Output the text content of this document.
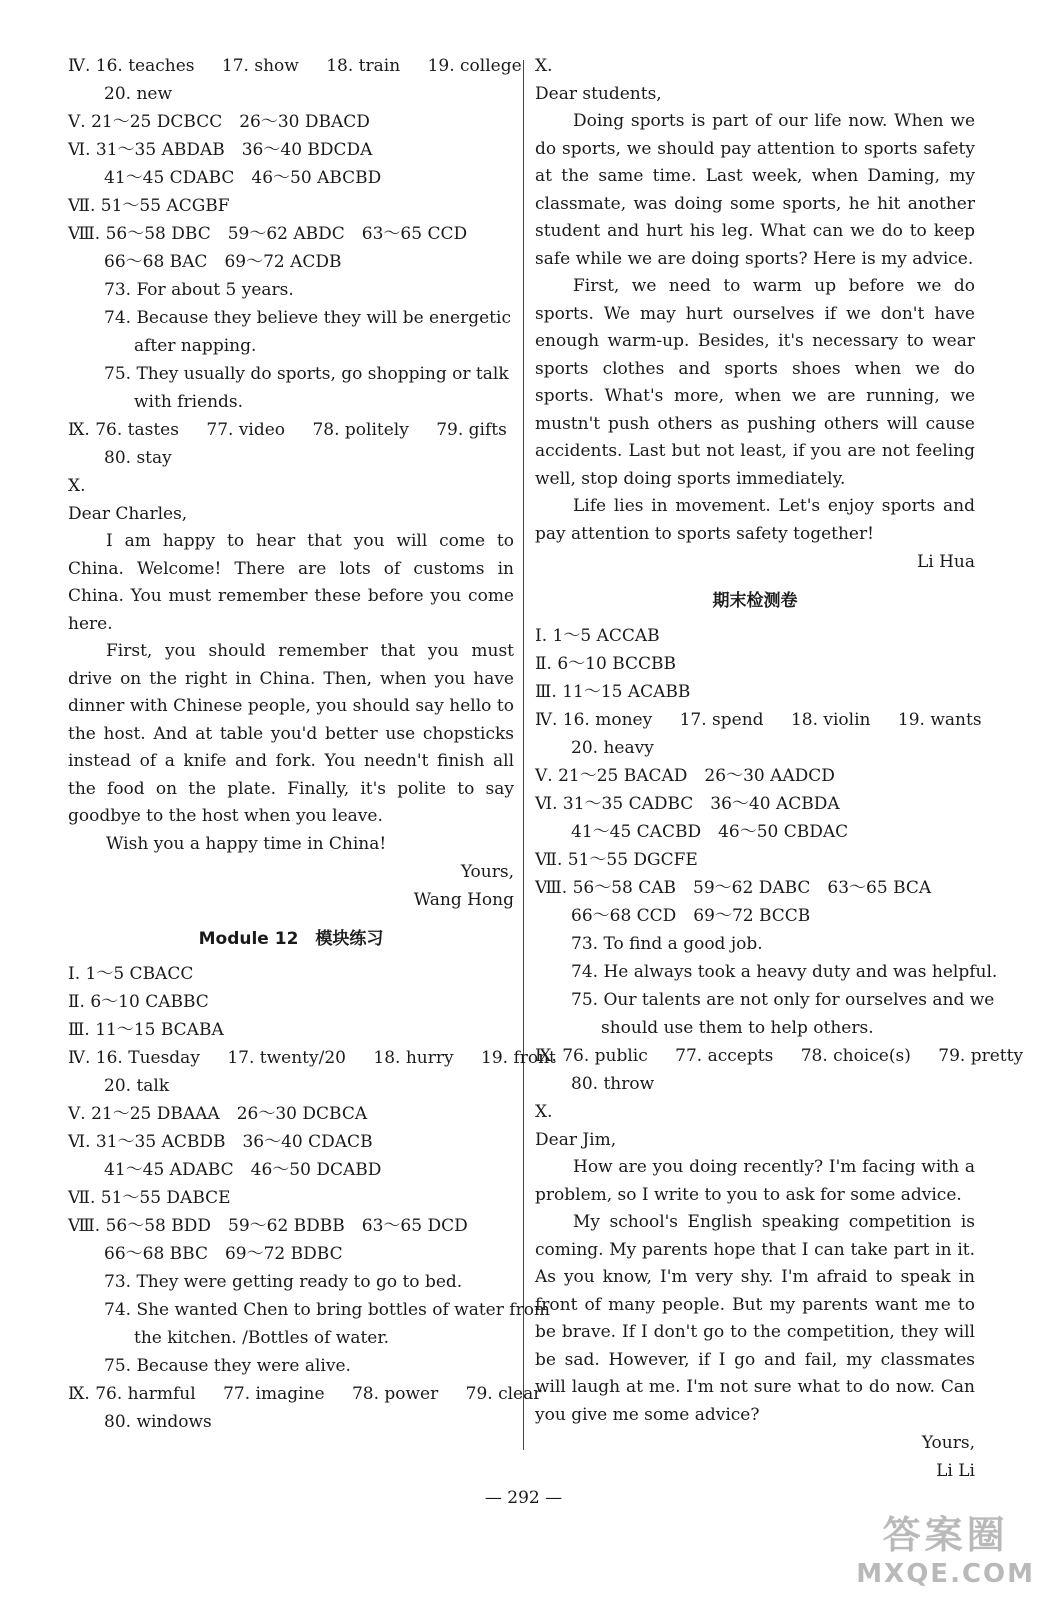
Ⅳ. 16. teaches 17. show 18. train 19. college
20. new
Ⅴ. 21～25 DCBCC　26～30 DBACD
Ⅵ. 31～35 ABDAB　36～40 BDCDA
41～45 CDABC　46～50 ABCBD
Ⅶ. 51～55 ACGBF
Ⅷ. 56～58 DBC　59～62 ABDC　63～65 CCD
66～68 BAC　69～72 ACDB
73. For about 5 years.
74. Because they believe they will be energetic
after napping.
75. They usually do sports, go shopping or talk
with friends.
Ⅸ. 76. tastes 77. video 78. politely 79. gifts
80. stay
Ⅹ.
Dear Charles,
I am happy to hear that you will come to China. Welcome! There are lots of customs in China. You must remember these before you come here.
First, you should remember that you must drive on the right in China. Then, when you have dinner with Chinese people, you should say hello to the host. And at table you'd better use chopsticks instead of a knife and fork. You needn't finish all the food on the plate. Finally, it's polite to say goodbye to the host when you leave.
Wish you a happy time in China!
Yours,
Wang Hong
Module 12　模块练习
Ⅰ. 1～5 CBACC
Ⅱ. 6～10 CABBC
Ⅲ. 11～15 BCABA
Ⅳ. 16. Tuesday 17. twenty/20 18. hurry 19. front
20. talk
Ⅴ. 21～25 DBAAA　26～30 DCBCA
Ⅵ. 31～35 ACBDB　36～40 CDACB
41～45 ADABC　46～50 DCABD
Ⅶ. 51～55 DABCE
Ⅷ. 56～58 BDD　59～62 BDBB　63～65 DCD
66～68 BBC　69～72 BDBC
73. They were getting ready to go to bed.
74. She wanted Chen to bring bottles of water from
the kitchen. /Bottles of water.
75. Because they were alive.
Ⅸ. 76. harmful 77. imagine 78. power 79. clear
80. windows
Ⅹ.
Dear students,
Doing sports is part of our life now. When we do sports, we should pay attention to sports safety at the same time. Last week, when Daming, my classmate, was doing some sports, he hit another student and hurt his leg. What can we do to keep safe while we are doing sports? Here is my advice.
First, we need to warm up before we do sports. We may hurt ourselves if we don't have enough warm-up. Besides, it's necessary to wear sports clothes and sports shoes when we do sports. What's more, when we are running, we mustn't push others as pushing others will cause accidents. Last but not least, if you are not feeling well, stop doing sports immediately.
Life lies in movement. Let's enjoy sports and pay attention to sports safety together!
Li Hua
期末检测卷
Ⅰ. 1～5 ACCAB
Ⅱ. 6～10 BCCBB
Ⅲ. 11～15 ACABB
Ⅳ. 16. money 17. spend 18. violin 19. wants
20. heavy
Ⅴ. 21～25 BACAD　26～30 AADCD
Ⅵ. 31～35 CADBC　36～40 ACBDA
41～45 CACBD　46～50 CBDAC
Ⅶ. 51～55 DGCFE
Ⅷ. 56～58 CAB　59～62 DABC　63～65 BCA
66～68 CCD　69～72 BCCB
73. To find a good job.
74. He always took a heavy duty and was helpful.
75. Our talents are not only for ourselves and we
should use them to help others.
Ⅸ. 76. public 77. accepts 78. choice(s) 79. pretty
80. throw
Ⅹ.
Dear Jim,
How are you doing recently? I'm facing with a problem, so I write to you to ask for some advice.
My school's English speaking competition is coming. My parents hope that I can take part in it. As you know, I'm very shy. I'm afraid to speak in front of many people. But my parents want me to be brave. If I don't go to the competition, they will be sad. However, if I go and fail, my classmates will laugh at me. I'm not sure what to do now. Can you give me some advice?
Yours,
Li Li
— 292 —
答案圈
MXQE.COM
